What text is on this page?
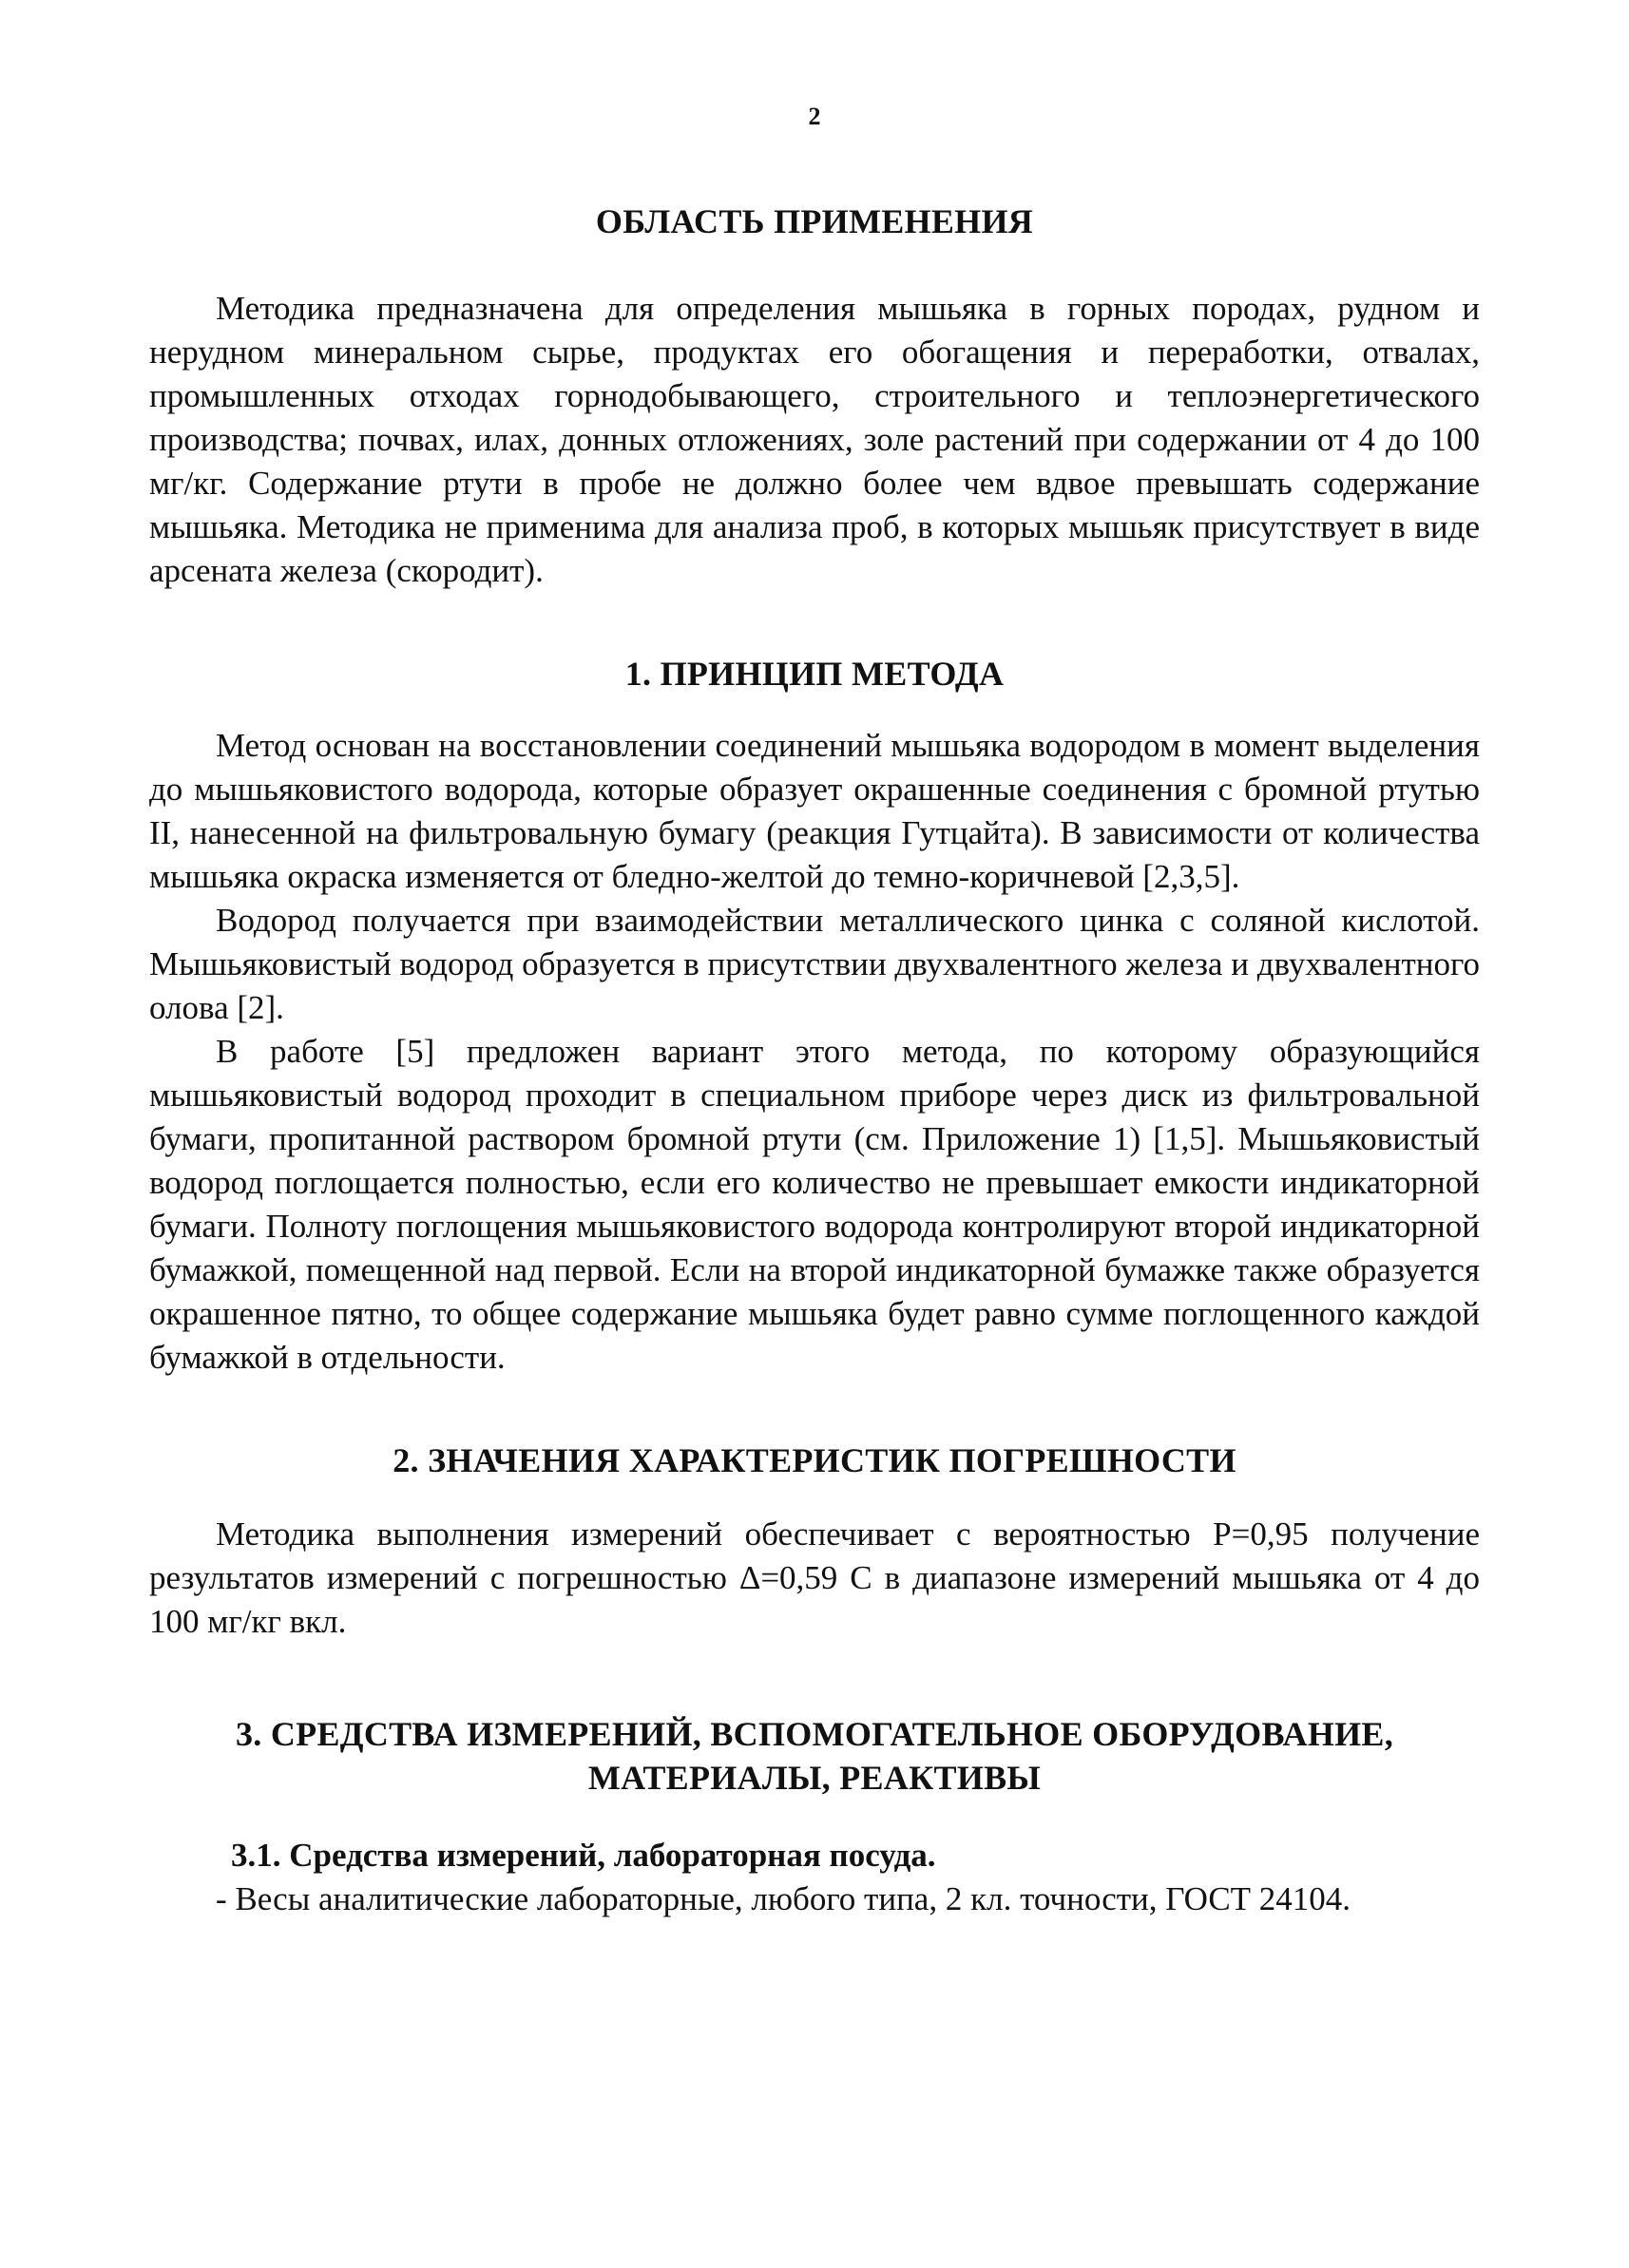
2
ОБЛАСТЬ ПРИМЕНЕНИЯ

Методика предназначена для определения мышьяка в горных породах, рудном и нерудном минеральном сырье, продуктах его обогащения и переработки, отвалах, промышленных отходах горнодобывающего, строительного и теплоэнергетического производства; почвах, илах, донных отложениях, золе растений при содержании от 4 до 100 мг/кг. Содержание ртути в пробе не должно более чем вдвое превышать содержание мышьяка. Методика не применима для анализа проб, в которых мышьяк присутствует в виде арсената железа (скородит).

1. ПРИНЦИП МЕТОДА

Метод основан на восстановлении соединений мышьяка водородом в момент выделения до мышьяковистого водорода, которые образует окрашенные соединения с бромной ртутью II, нанесенной на фильтровальную бумагу (реакция Гутцайта). В зависимости от количества мышьяка окраска изменяется от бледно-желтой до темно-коричневой [2,3,5].

Водород получается при взаимодействии металлического цинка с соляной кислотой. Мышьяковистый водород образуется в присутствии двухвалентного железа и двухвалентного олова [2].

В работе [5] предложен вариант этого метода, по которому образующийся мышьяковистый водород проходит в специальном приборе через диск из фильтровальной бумаги, пропитанной раствором бромной ртути (см. Приложение 1) [1,5]. Мышьяковистый водород поглощается полностью, если его количество не превышает емкости индикаторной бумаги. Полноту поглощения мышьяковистого водорода контролируют второй индикаторной бумажкой, помещенной над первой. Если на второй индикаторной бумажке также образуется окрашенное пятно, то общее содержание мышьяка будет равно сумме поглощенного каждой бумажкой в отдельности.

2. ЗНАЧЕНИЯ ХАРАКТЕРИСТИК ПОГРЕШНОСТИ

Методика выполнения измерений обеспечивает с вероятностью Р=0,95 получение результатов измерений с погрешностью Δ=0,59 С в диапазоне измерений мышьяка от 4 до 100 мг/кг вкл.

3. СРЕДСТВА ИЗМЕРЕНИЙ, ВСПОМОГАТЕЛЬНОЕ ОБОРУДОВАНИЕ,
МАТЕРИАЛЫ, РЕАКТИВЫ

3.1. Средства измерений, лабораторная посуда.

- Весы аналитические лабораторные, любого типа, 2 кл. точности, ГОСТ 24104.
